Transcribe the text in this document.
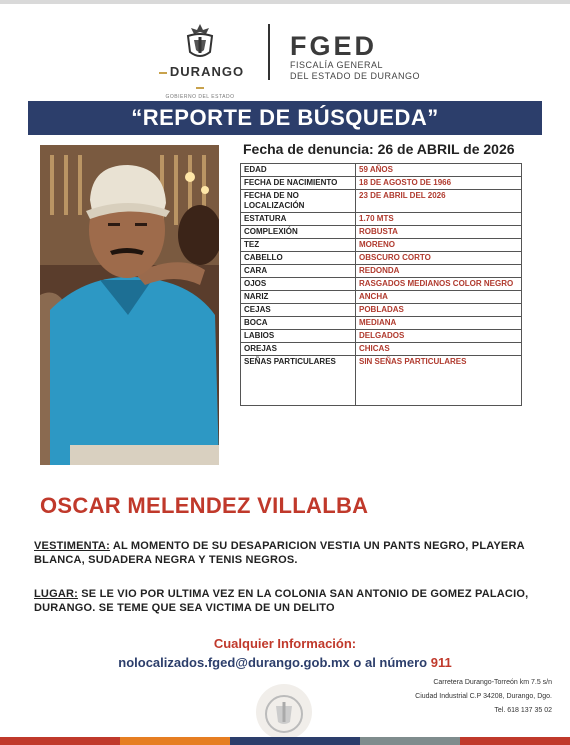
DURANGO
GOBIERNO DEL ESTADO
FGED
FISCALÍA GENERAL
DEL ESTADO DE DURANGO
“REPORTE DE BÚSQUEDA”
Fecha de denuncia: 26 de ABRIL de 2026
EDAD	59 AÑOS
FECHA DE NACIMIENTO	18 DE AGOSTO DE 1966
FECHA DE NO LOCALIZACIÓN	23 DE ABRIL DEL 2026
ESTATURA	1.70 MTS
COMPLEXIÓN	ROBUSTA
TEZ	MORENO
CABELLO	OBSCURO CORTO
CARA	REDONDA
OJOS	RASGADOS MEDIANOS COLOR NEGRO
NARIZ	ANCHA
CEJAS	POBLADAS
BOCA	MEDIANA
LABIOS	DELGADOS
OREJAS	CHICAS
SEÑAS PARTICULARES	SIN SEÑAS PARTICULARES
OSCAR MELENDEZ VILLALBA
VESTIMENTA: AL MOMENTO DE SU DESAPARICION VESTIA UN PANTS NEGRO, PLAYERA BLANCA, SUDADERA NEGRA Y TENIS NEGROS.
LUGAR: SE LE VIO POR ULTIMA VEZ EN LA COLONIA SAN ANTONIO DE GOMEZ PALACIO, DURANGO. SE TEME QUE SEA VICTIMA DE UN DELITO
Cualquier Información:
nolocalizados.fged@durango.gob.mx o al número 911
Carretera Durango-Torreón km 7.5 s/n
Ciudad Industrial C.P 34208, Durango, Dgo.
Tel. 618 137 35 02
